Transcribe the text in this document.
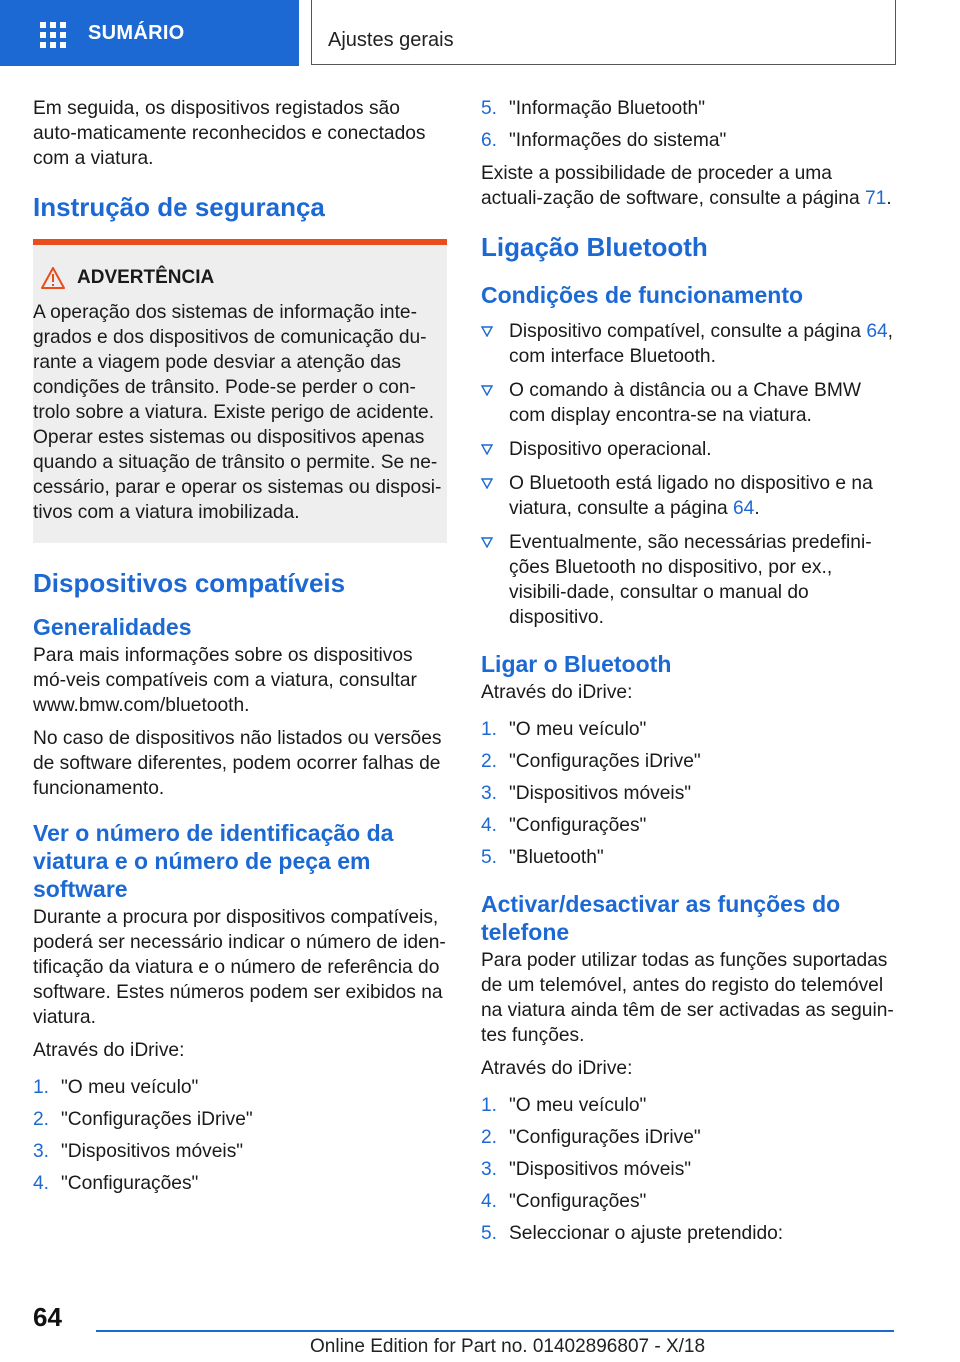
SUMÁRIO	Ajustes gerais

Em seguida, os dispositivos registados são auto-maticamente reconhecidos e conectados com a viatura.

Instrução de segurança
ADVERTÊNCIA
A operação dos sistemas de informação inte-grados e dos dispositivos de comunicação du-rante a viagem pode desviar a atenção das condições de trânsito. Pode-se perder o con-trolo sobre a viatura. Existe perigo de acidente. Operar estes sistemas ou dispositivos apenas quando a situação de trânsito o permite. Se ne-cessário, parar e operar os sistemas ou disposi-tivos com a viatura imobilizada.
Dispositivos compatíveis
Generalidades

Para mais informações sobre os dispositivos mó-veis compatíveis com a viatura, consultar www.bmw.com/bluetooth.

No caso de dispositivos não listados ou versões de software diferentes, podem ocorrer falhas de funcionamento.

Ver o número de identificação da viatura e o número de peça em software

Durante a procura por dispositivos compatíveis, poderá ser necessário indicar o número de iden-tificação da viatura e o número de referência do software. Estes números podem ser exibidos na viatura.

Através do iDrive:

1. "O meu veículo"
2. "Configurações iDrive"
3. "Dispositivos móveis"
4. "Configurações"
5. "Informação Bluetooth"
6. "Informações do sistema"

Existe a possibilidade de proceder a uma actuali-zação de software, consulte a página 71.

Ligação Bluetooth
Condições de funcionamento
Dispositivo compatível, consulte a página 64, com interface Bluetooth.
O comando à distância ou a Chave BMW com display encontra-se na viatura.
Dispositivo operacional.
O Bluetooth está ligado no dispositivo e na viatura, consulte a página 64.
Eventualmente, são necessárias predefini-ções Bluetooth no dispositivo, por ex., visibili-dade, consultar o manual do dispositivo.
Ligar o Bluetooth

Através do iDrive:

1. "O meu veículo"
2. "Configurações iDrive"
3. "Dispositivos móveis"
4. "Configurações"
5. "Bluetooth"
Activar/desactivar as funções do telefone

Para poder utilizar todas as funções suportadas de um telemóvel, antes do registo do telemóvel na viatura ainda têm de ser activadas as seguin-tes funções.

Através do iDrive:

1. "O meu veículo"
2. "Configurações iDrive"
3. "Dispositivos móveis"
4. "Configurações"
5. Seleccionar o ajuste pretendido:
64
Online Edition for Part no. 01402896807 - X/18
